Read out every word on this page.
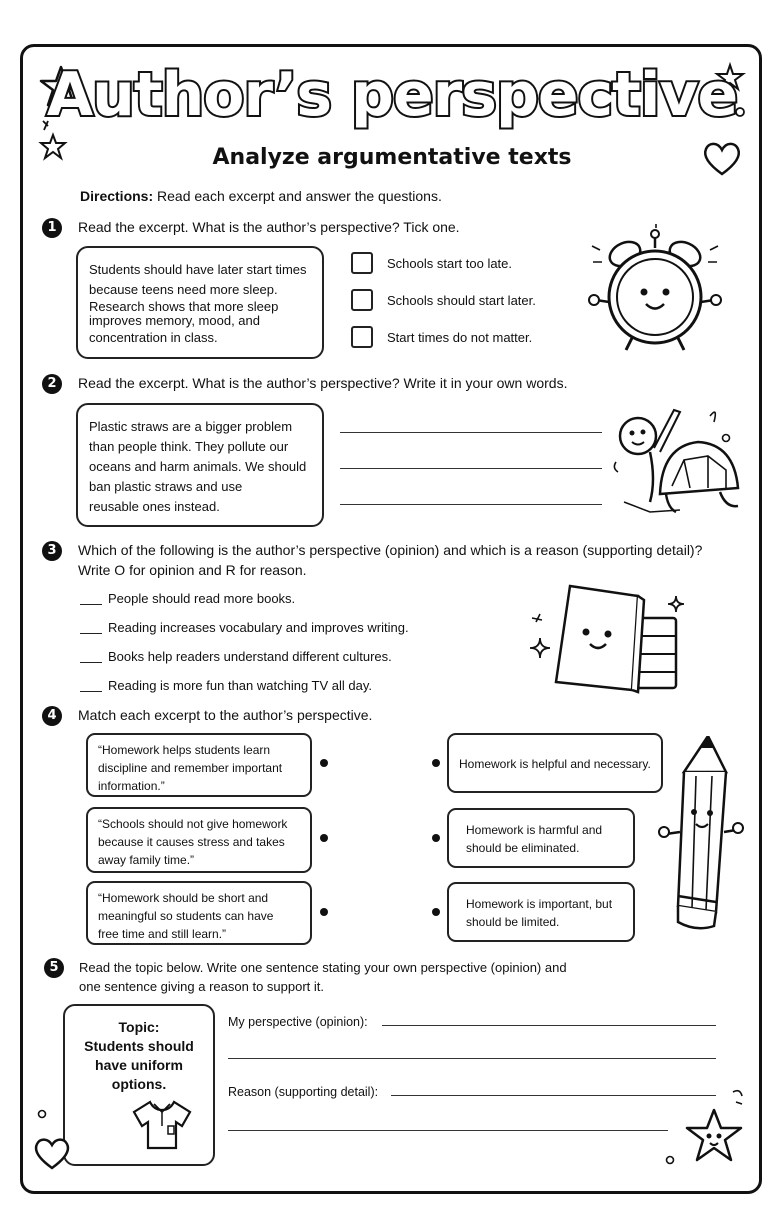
Author’s perspective
Analyze argumentative texts
Directions: Read each excerpt and answer the questions.
1	Read the excerpt. What is the author’s perspective? Tick one.
Students should have later start times
because teens need more sleep.
Research shows that more sleep
improves memory, mood, and
concentration in class.
Schools start too late.
Schools should start later.
Start times do not matter.
2	Read the excerpt. What is the author’s perspective? Write it in your own words.
Plastic straws are a bigger problem
than people think. They pollute our
oceans and harm animals. We should
ban plastic straws and use
reusable ones instead.
3	Which of the following is the author’s perspective (opinion) and which is a reason (supporting detail)?
Write O for opinion and R for reason.
People should read more books.
Reading increases vocabulary and improves writing.
Books help readers understand different cultures.
Reading is more fun than watching TV all day.
4	Match each excerpt to the author’s perspective.
“Homework helps students learn
discipline and remember important
information.”
Homework is helpful and necessary.
“Schools should not give homework
because it causes stress and takes
away family time.”
Homework is harmful and
should be eliminated.
“Homework should be short and
meaningful so students can have
free time and still learn.”
Homework is important, but
should be limited.
5	Read the topic below. Write one sentence stating your own perspective (opinion) and
one sentence giving a reason to support it.
Topic:
Students should
have uniform
options.
My perspective (opinion):
Reason (supporting detail):
